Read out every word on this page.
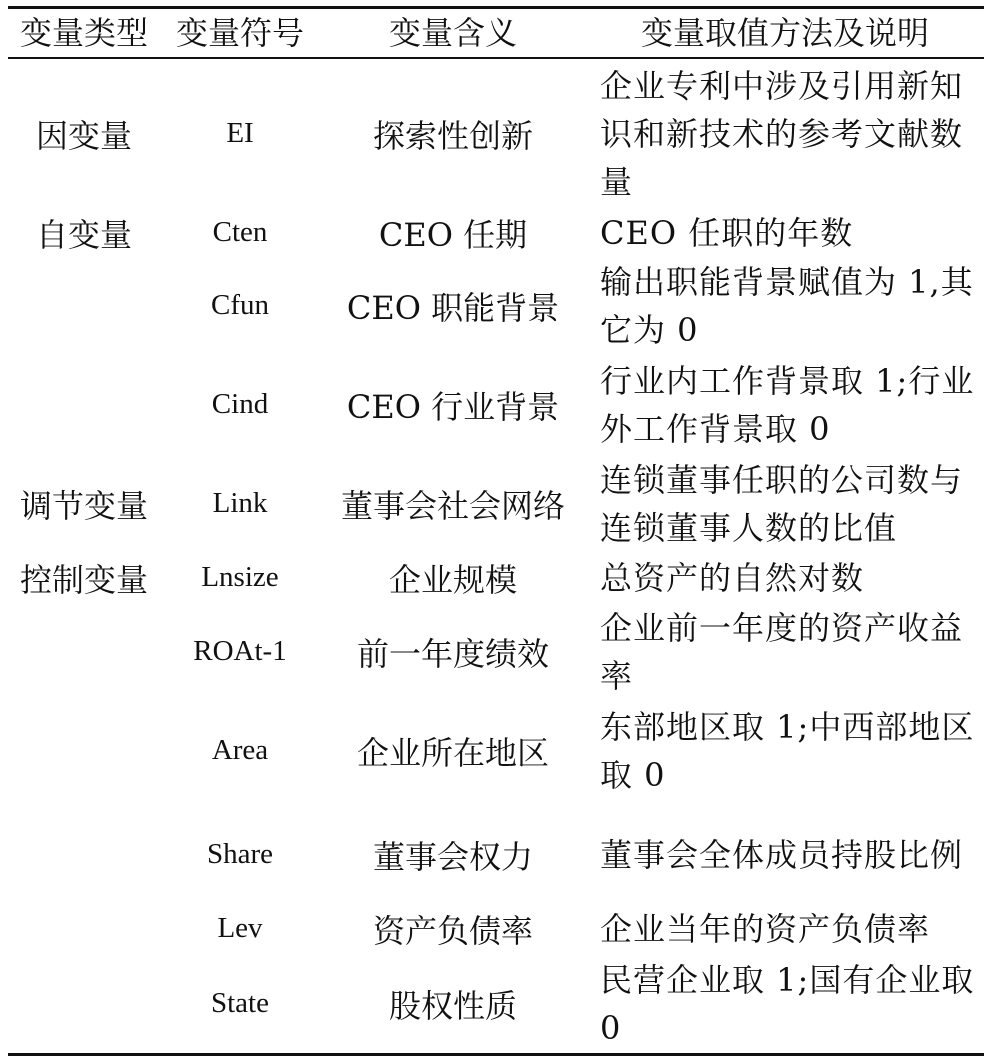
变量类型	变量符号	变量含义	变量取值方法及说明
因变量	EI	探索性创新	企业专利中涉及引用新知识和新技术的参考文献数量
自变量	Cten	CEO 任期	CEO 任职的年数
	Cfun	CEO 职能背景	输出职能背景赋值为 1,其它为 0
	Cind	CEO 行业背景	行业内工作背景取 1;行业外工作背景取 0
调节变量	Link	董事会社会网络	连锁董事任职的公司数与连锁董事人数的比值
控制变量	Lnsize	企业规模	总资产的自然对数
	ROAt-1	前一年度绩效	企业前一年度的资产收益率
	Area	企业所在地区	东部地区取 1;中西部地区取 0
	Share	董事会权力	董事会全体成员持股比例
	Lev	资产负债率	企业当年的资产负债率
	State	股权性质	民营企业取 1;国有企业取 0
